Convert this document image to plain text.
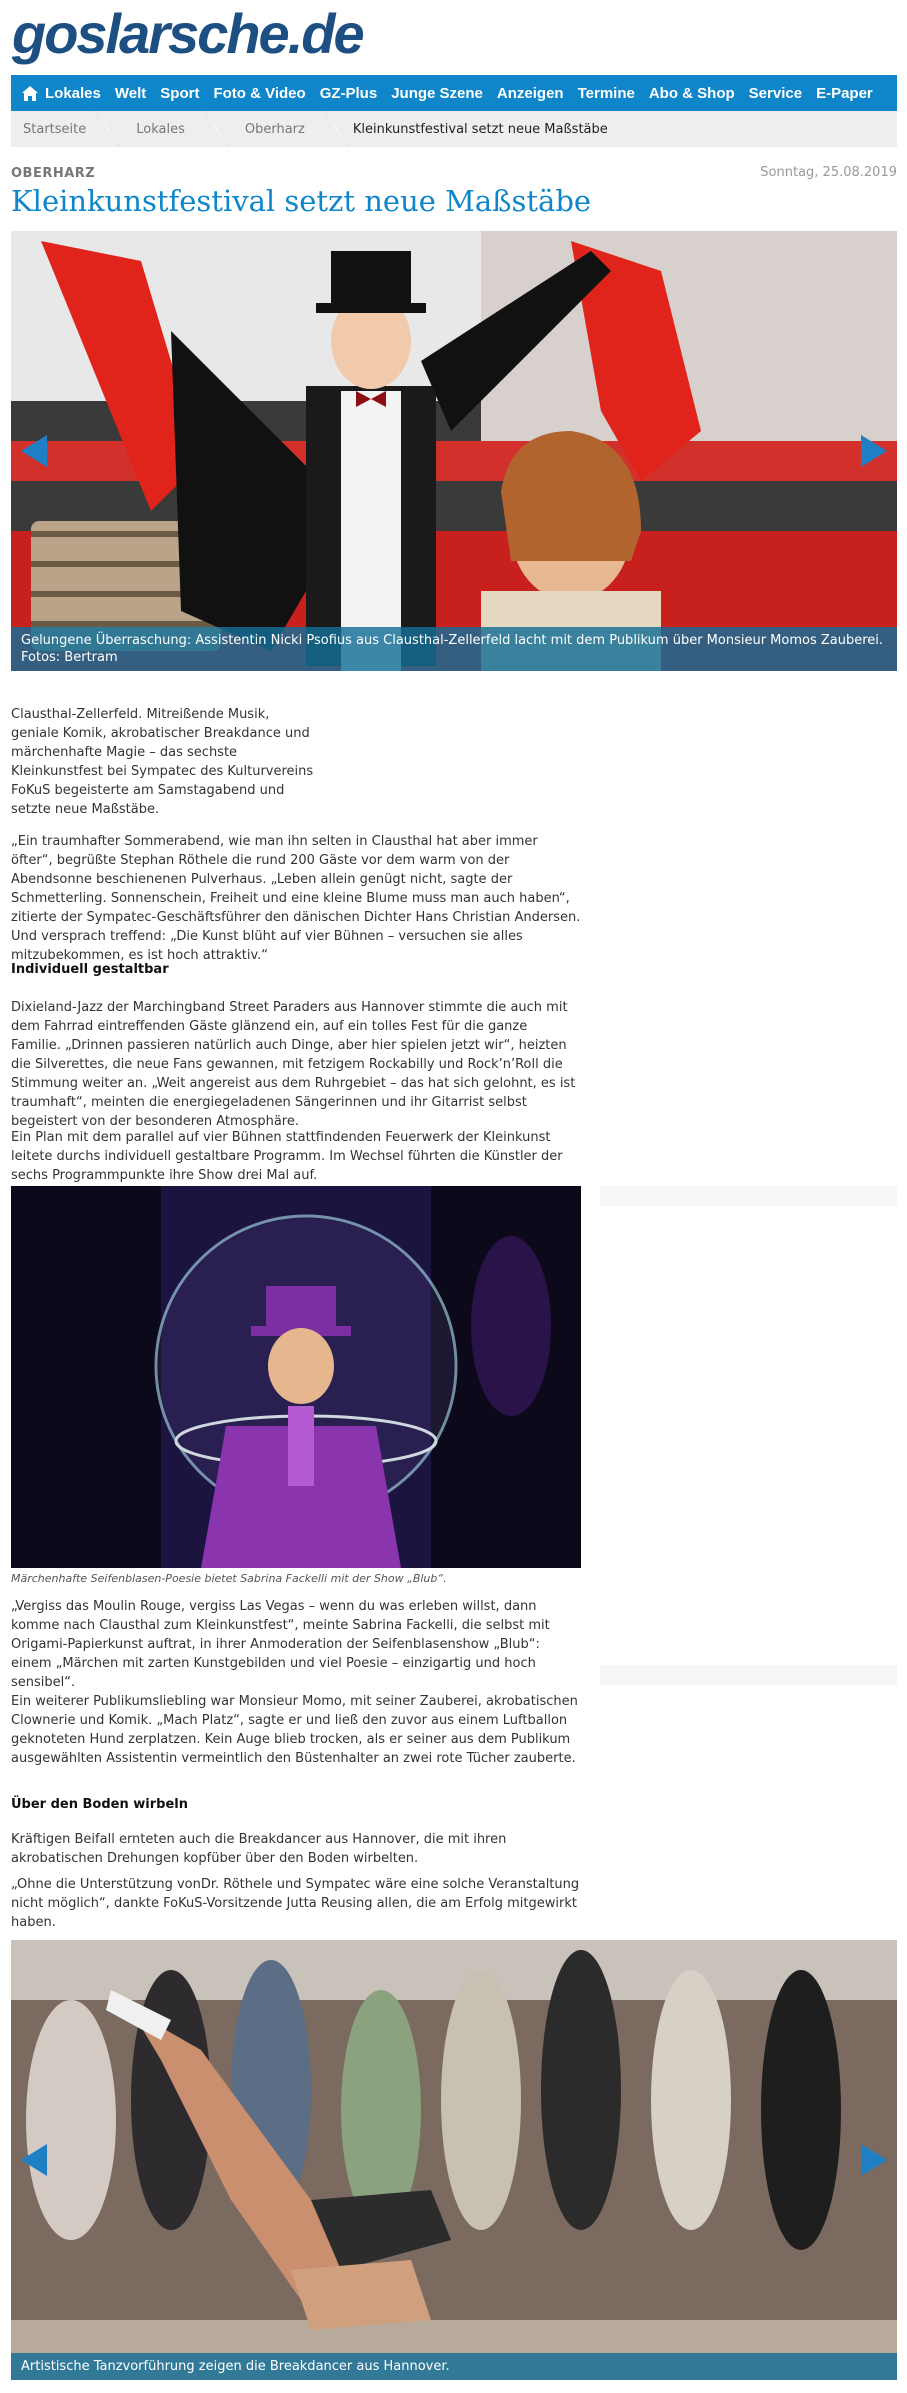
goslarsche.de
Lokales Welt Sport Foto & Video GZ-Plus Junge Szene Anzeigen Termine Abo & Shop Service E-Paper
Startseite	Lokales	Oberharz	Kleinkunstfestival setzt neue Maßstäbe
OBERHARZ	Sonntag, 25.08.2019
Kleinkunstfestival setzt neue Maßstäbe
Gelungene Überraschung: Assistentin Nicki Psofius aus Clausthal-Zellerfeld lacht mit dem Publikum über Monsieur Momos Zauberei. Fotos: Bertram

Clausthal-Zellerfeld. Mitreißende Musik, geniale Komik, akrobatischer Breakdance und märchenhafte Magie – das sechste Kleinkunstfest bei Sympatec des Kulturvereins FoKuS begeisterte am Samstagabend und setzte neue Maßstäbe.

„Ein traumhafter Sommerabend, wie man ihn selten in Clausthal hat aber immer öfter“, begrüßte Stephan Röthele die rund 200 Gäste vor dem warm von der Abendsonne beschienenen Pulverhaus. „Leben allein genügt nicht, sagte der Schmetterling. Sonnenschein, Freiheit und eine kleine Blume muss man auch haben“, zitierte der Sympatec-Geschäftsführer den dänischen Dichter Hans Christian Andersen. Und versprach treffend: „Die Kunst blüht auf vier Bühnen – versuchen sie alles mitzubekommen, es ist hoch attraktiv.“

Individuell gestaltbar

Dixieland-Jazz der Marchingband Street Paraders aus Hannover stimmte die auch mit dem Fahrrad eintreffenden Gäste glänzend ein, auf ein tolles Fest für die ganze Familie. „Drinnen passieren natürlich auch Dinge, aber hier spielen jetzt wir“, heizten die Silverettes, die neue Fans gewannen, mit fetzigem Rockabilly und Rock’n’Roll die Stimmung weiter an. „Weit angereist aus dem Ruhrgebiet – das hat sich gelohnt, es ist traumhaft“, meinten die energiegeladenen Sängerinnen und ihr Gitarrist selbst begeistert von der besonderen Atmosphäre.

Ein Plan mit dem parallel auf vier Bühnen stattfindenden Feuerwerk der Kleinkunst leitete durchs individuell gestaltbare Programm. Im Wechsel führten die Künstler der sechs Programmpunkte ihre Show drei Mal auf.

Märchenhafte Seifenblasen-Poesie bietet Sabrina Fackelli mit der Show „Blub“.

„Vergiss das Moulin Rouge, vergiss Las Vegas – wenn du was erleben willst, dann komme nach Clausthal zum Kleinkunstfest“, meinte Sabrina Fackelli, die selbst mit Origami-Papierkunst auftrat, in ihrer Anmoderation der Seifenblasenshow „Blub“: einem „Märchen mit zarten Kunstgebilden und viel Poesie – einzigartig und hoch sensibel“.

Ein weiterer Publikumsliebling war Monsieur Momo, mit seiner Zauberei, akrobatischen Clownerie und Komik. „Mach Platz“, sagte er und ließ den zuvor aus einem Luftballon geknoteten Hund zerplatzen. Kein Auge blieb trocken, als er seiner aus dem Publikum ausgewählten Assistentin vermeintlich den Büstenhalter an zwei rote Tücher zauberte.

Über den Boden wirbeln

Kräftigen Beifall ernteten auch die Breakdancer aus Hannover, die mit ihren akrobatischen Drehungen kopfüber über den Boden wirbelten.

„Ohne die Unterstützung vonDr. Röthele und Sympatec wäre eine solche Veranstaltung nicht möglich“, dankte FoKuS-Vorsitzende Jutta Reusing allen, die am Erfolg mitgewirkt haben.

Artistische Tanzvorführung zeigen die Breakdancer aus Hannover.
